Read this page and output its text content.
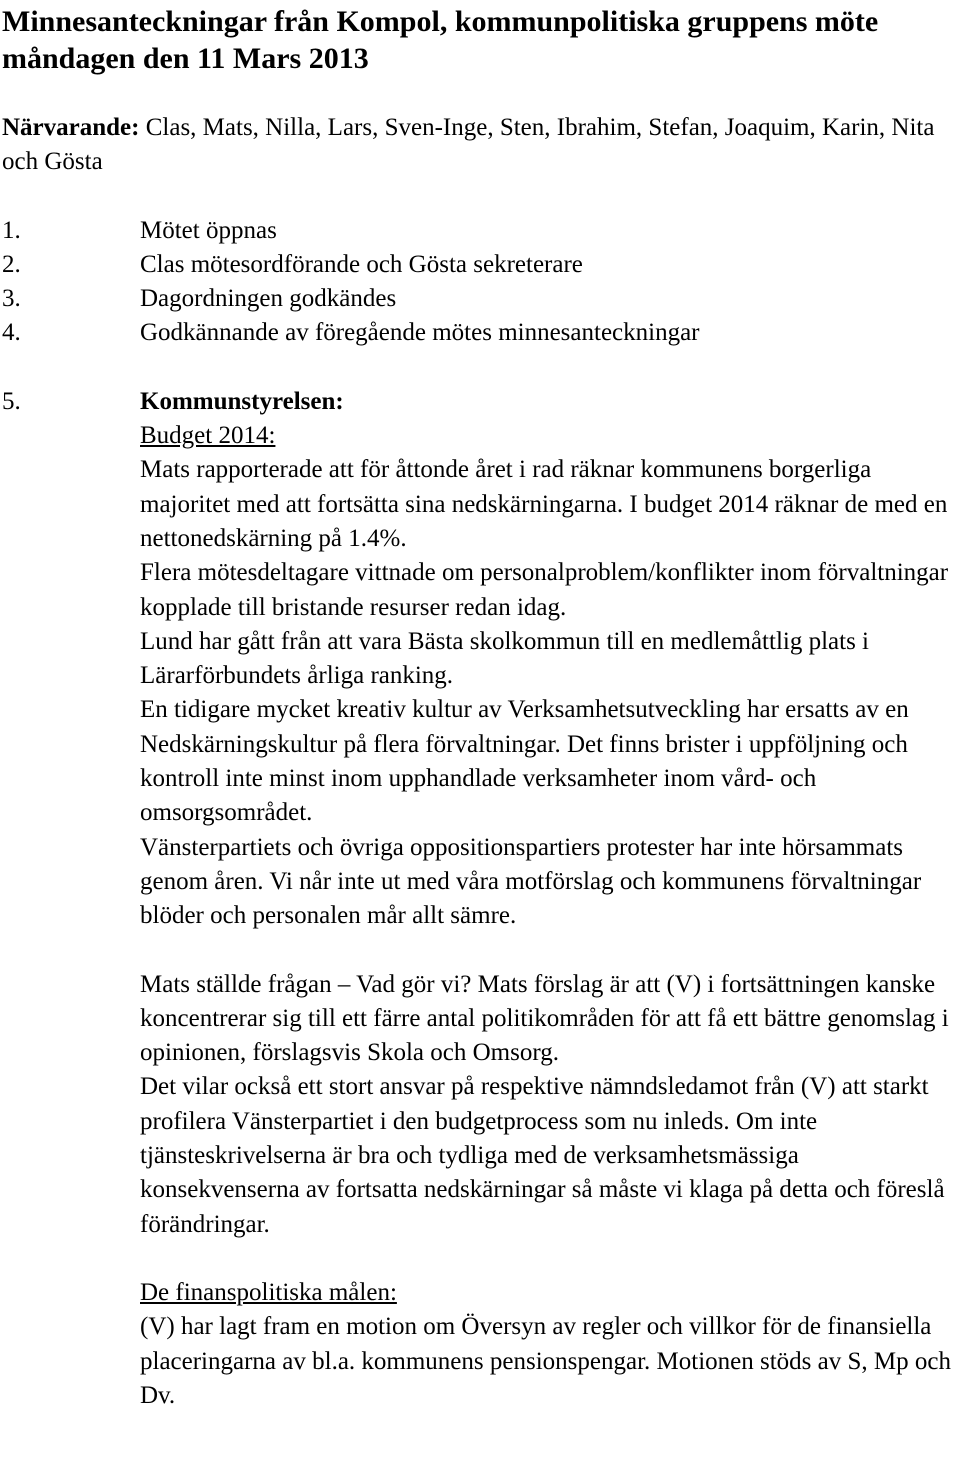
Minnesanteckningar från Kompol, kommunpolitiska gruppens möte måndagen den 11 Mars 2013

Närvarande: Clas, Mats, Nilla, Lars, Sven-Inge, Sten, Ibrahim, Stefan, Joaquim, Karin, Nita och Gösta

1.	Mötet öppnas
2.	Clas mötesordförande och Gösta sekreterare
3.	Dagordningen godkändes
4.	Godkännande av föregående mötes minnesanteckningar
5.	Kommunstyrelsen:
Budget 2014:

Mats rapporterade att för åttonde året i rad räknar kommunens borgerliga majoritet med att fortsätta sina nedskärningarna. I budget 2014 räknar de med en nettonedskärning på 1.4%.

Flera mötesdeltagare vittnade om personalproblem/konflikter inom förvaltningar kopplade till bristande resurser redan idag.

Lund har gått från att vara Bästa skolkommun till en medlemåttlig plats i Lärarförbundets årliga ranking.

En tidigare mycket kreativ kultur av Verksamhetsutveckling har ersatts av en Nedskärningskultur på flera förvaltningar. Det finns brister i uppföljning och kontroll inte minst inom upphandlade verksamheter inom vård- och omsorgsområdet.

Vänsterpartiets och övriga oppositionspartiers protester har inte hörsammats genom åren. Vi når inte ut med våra motförslag och kommunens förvaltningar blöder och personalen mår allt sämre.

Mats ställde frågan – Vad gör vi? Mats förslag är att (V) i fortsättningen kanske koncentrerar sig till ett färre antal politikområden för att få ett bättre genomslag i opinionen, förslagsvis Skola och Omsorg.

Det vilar också ett stort ansvar på respektive nämndsledamot från (V) att starkt profilera Vänsterpartiet i den budgetprocess som nu inleds. Om inte tjänsteskrivelserna är bra och tydliga med de verksamhetsmässiga konsekvenserna av fortsatta nedskärningar så måste vi klaga på detta och föreslå förändringar.

De finanspolitiska målen:

(V) har lagt fram en motion om Översyn av regler och villkor för de finansiella placeringarna av bl.a. kommunens pensionspengar. Motionen stöds av S, Mp och Dv.
